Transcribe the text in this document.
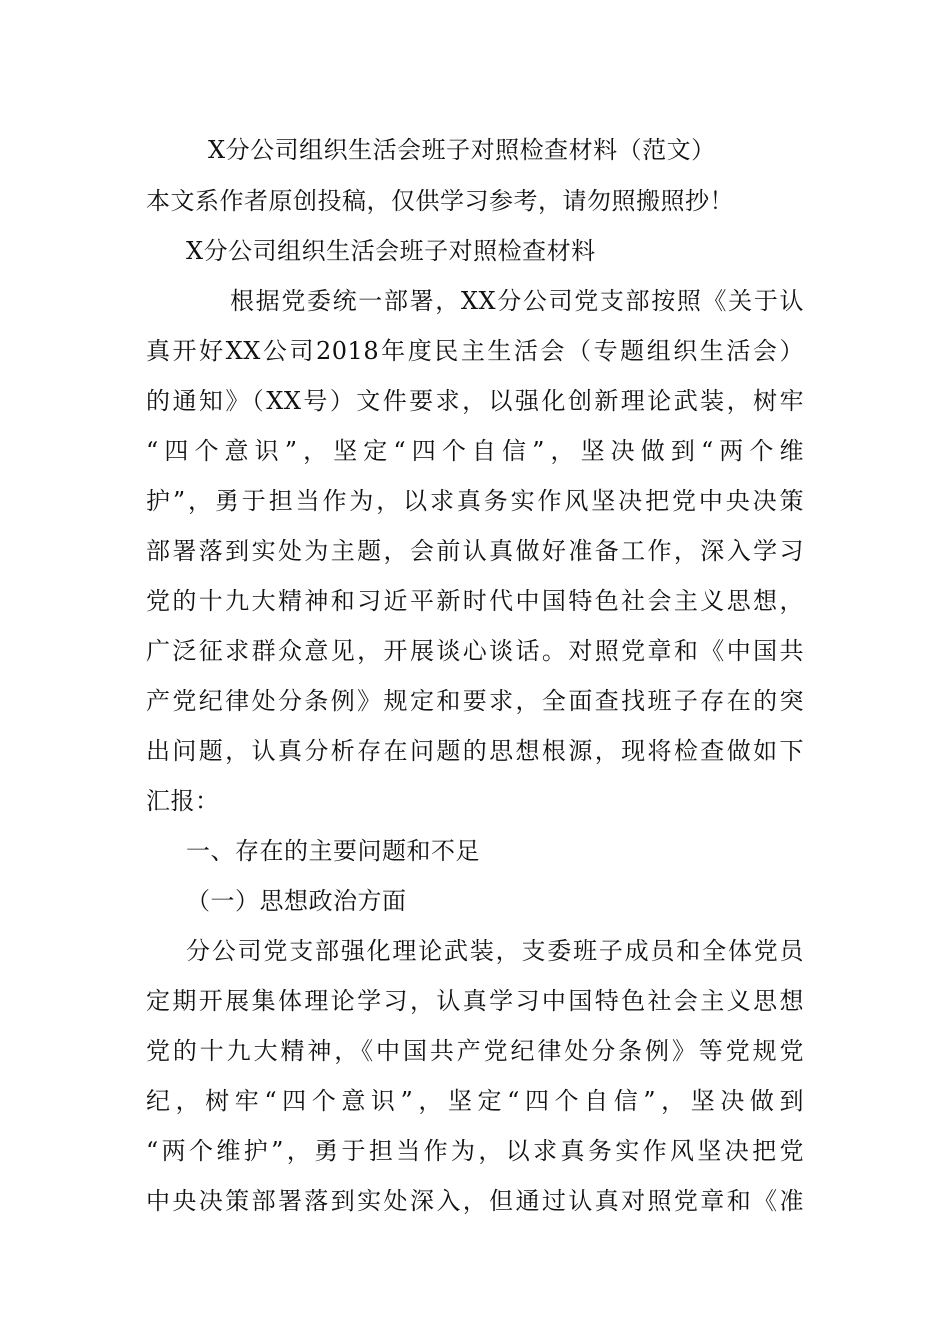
X分公司组织生活会班子对照检查材料（范文）
本文系作者原创投稿，仅供学习参考，请勿照搬照抄！
X分公司组织生活会班子对照检查材料
根据党委统一部署，XX分公司党支部按照《关于认
真开好XX公司2018年度民主生活会（专题组织生活会）
的通知》（XX号）文件要求，以强化创新理论武装，树牢
“四个意识”，坚定“四个自信”，坚决做到“两个维
护”，勇于担当作为，以求真务实作风坚决把党中央决策
部署落到实处为主题，会前认真做好准备工作，深入学习
党的十九大精神和习近平新时代中国特色社会主义思想，
广泛征求群众意见，开展谈心谈话。对照党章和《中国共
产党纪律处分条例》规定和要求，全面查找班子存在的突
出问题，认真分析存在问题的思想根源，现将检查做如下
汇报：
一、存在的主要问题和不足
（一）思想政治方面
分公司党支部强化理论武装，支委班子成员和全体党员
定期开展集体理论学习，认真学习中国特色社会主义思想
党的十九大精神，《中国共产党纪律处分条例》等党规党
纪，树牢“四个意识”，坚定“四个自信”，坚决做到
“两个维护”，勇于担当作为，以求真务实作风坚决把党
中央决策部署落到实处深入，但通过认真对照党章和《准
